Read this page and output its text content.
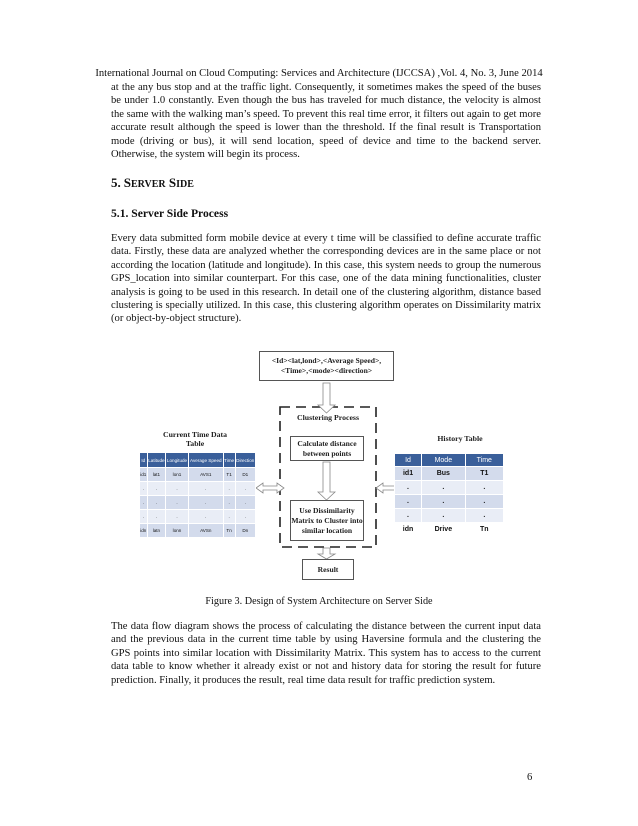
International Journal on Cloud Computing: Services and Architecture (IJCCSA) ,Vol. 4, No. 3, June 2014

at the any bus stop and at the traffic light. Consequently, it sometimes makes the speed of the buses be under 1.0 constantly. Even though the bus has traveled for much distance, the velocity is almost the same with the walking man’s speed. To prevent this real time error, it filters out again to get more accurate result although the speed is lower than the threshold. If the final result is Transportation mode (driving or bus), it will send location, speed of device and time to the backend server. Otherwise, the system will begin its process.

5. SERVER SIDE
5.1. Server Side Process

Every data submitted form mobile device at every t time will be classified to define accurate traffic data. Firstly, these data are analyzed whether the corresponding devices are in the same place or not according the location (latitude and longitude). In this case, this system needs to group the numerous GPS_location into similar counterpart. For this case, one of the data mining functionalities, cluster analysis is going to be used in this research. In detail one of the clustering algorithm, distance based clustering is specially utilized. In this case, this clustering algorithm operates on Dissimilarity matrix (or object-by-object structure).

<Id><lat,lond>,<Average Speed>,<Time>,<mode><direction>
Clustering Process
Calculate distance between points
Use Dissimilarity Matrix to Cluster into similar location
Result
Current Time Data Table
History Table
Id	Latitude	Longitude	Average Speed	Time	Direction
id1	lat1	lon1	AVS1	T1	D1
.	.	.	.	.	.
.	.	.	.	.	.
.	.	.	.	.	.
idn	latn	lonn	AVSn	Tn	Dn
Id	Mode	Time
id1	Bus	T1
.	.	.
.	.	.
.	.	.
idn	Drive	Tn
Figure 3. Design of System Architecture on Server Side

The data flow diagram shows the process of calculating the distance between the current input data and the previous data in the current time table by using Haversine formula and the clustering the GPS points into similar location with Dissimilarity Matrix. This system has to access to the current data table to know whether it already exist or not and history data for storing the result for future prediction. Finally, it produces the result, real time data result for traffic prediction system.

6
